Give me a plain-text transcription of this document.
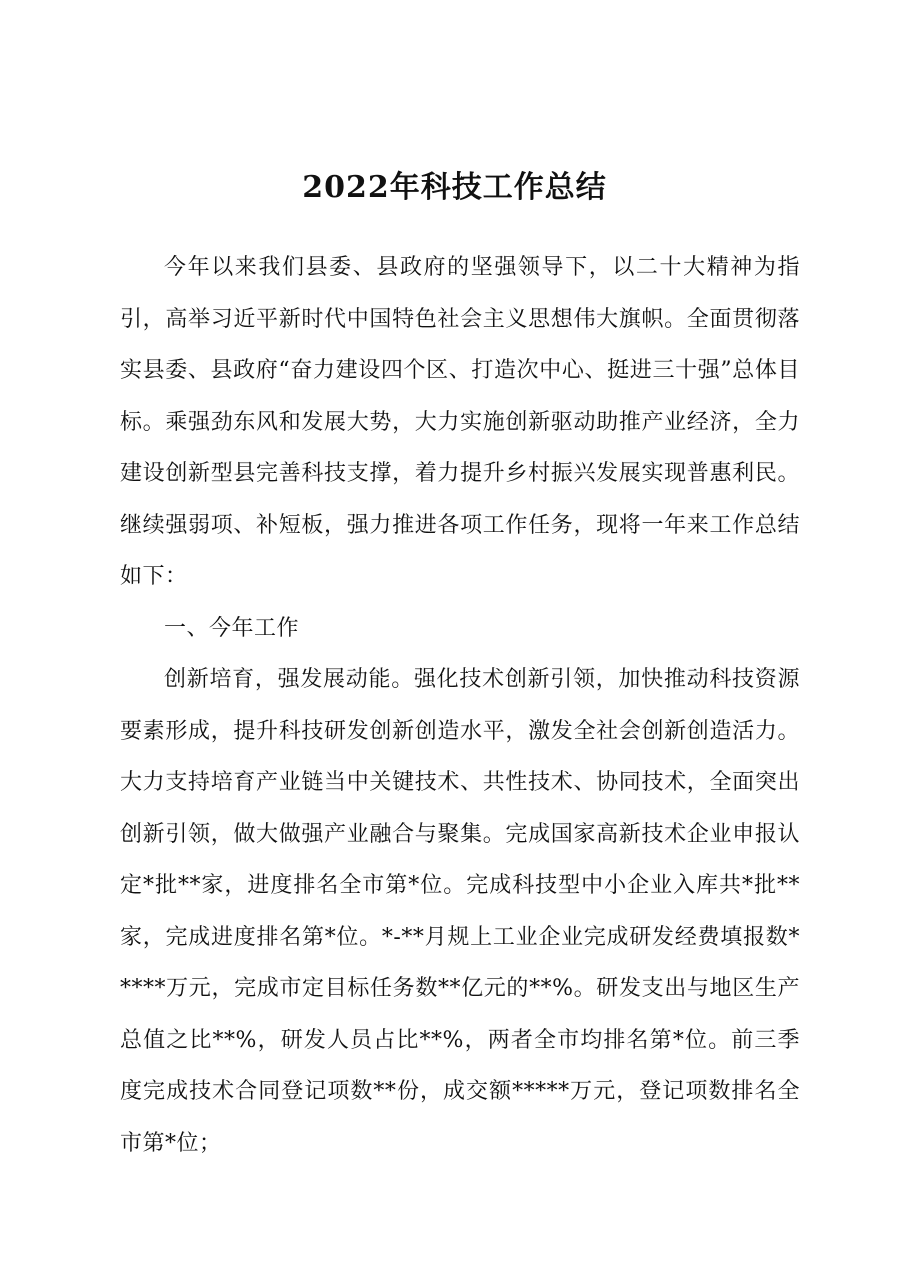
2022年科技工作总结

今年以来我们县委、县政府的坚强领导下，以二十大精神为指引，高举习近平新时代中国特色社会主义思想伟大旗帜。全面贯彻落实县委、县政府“奋力建设四个区、打造次中心、挺进三十强”总体目标。乘强劲东风和发展大势，大力实施创新驱动助推产业经济，全力建设创新型县完善科技支撑，着力提升乡村振兴发展实现普惠利民。继续强弱项、补短板，强力推进各项工作任务，现将一年来工作总结如下：

一、今年工作

创新培育，强发展动能。强化技术创新引领，加快推动科技资源要素形成，提升科技研发创新创造水平，激发全社会创新创造活力。大力支持培育产业链当中关键技术、共性技术、协同技术，全面突出创新引领，做大做强产业融合与聚集。完成国家高新技术企业申报认定*批**家，进度排名全市第*位。完成科技型中小企业入库共*批**家，完成进度排名第*位。*-**月规上工业企业完成研发经费填报数*****万元，完成市定目标任务数**亿元的**%。研发支出与地区生产总值之比**%，研发人员占比**%，两者全市均排名第*位。前三季度完成技术合同登记项数**份，成交额*****万元，登记项数排名全市第*位；
